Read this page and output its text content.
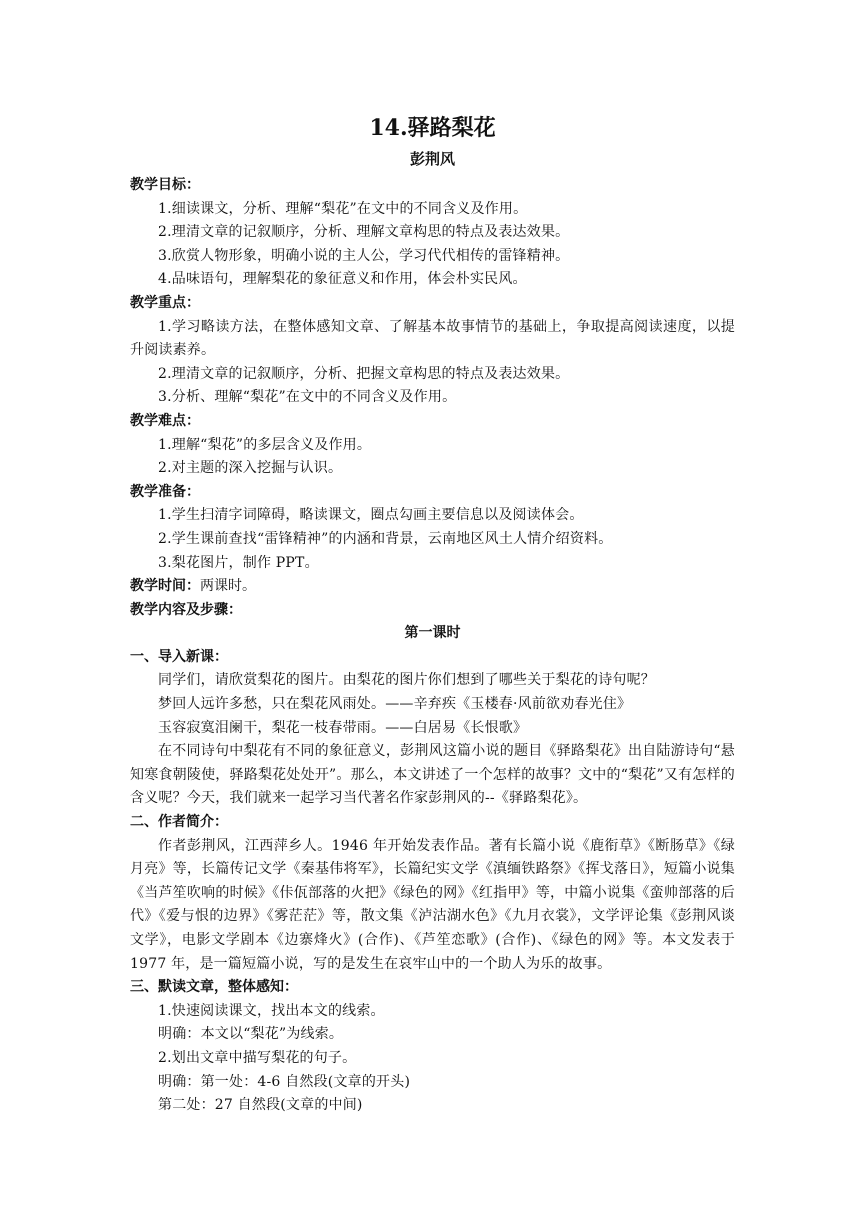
14.驿路梨花
彭荆风
教学目标：

1.细读课文，分析、理解“梨花”在文中的不同含义及作用。

2.理清文章的记叙顺序，分析、理解文章构思的特点及表达效果。

3.欣赏人物形象，明确小说的主人公，学习代代相传的雷锋精神。

4.品味语句，理解梨花的象征意义和作用，体会朴实民风。

教学重点：

1.学习略读方法，在整体感知文章、了解基本故事情节的基础上，争取提高阅读速度，以提升阅读素养。

2.理清文章的记叙顺序，分析、把握文章构思的特点及表达效果。

3.分析、理解“梨花”在文中的不同含义及作用。

教学难点：

1.理解“梨花”的多层含义及作用。

2.对主题的深入挖掘与认识。

教学准备：

1.学生扫清字词障碍，略读课文，圈点勾画主要信息以及阅读体会。

2.学生课前查找“雷锋精神”的内涵和背景，云南地区风土人情介绍资料。

3.梨花图片，制作 PPT。

教学时间：两课时。
教学内容及步骤：
第一课时
一、导入新课：

同学们，请欣赏梨花的图片。由梨花的图片你们想到了哪些关于梨花的诗句呢？

梦回人远许多愁，只在梨花风雨处。——辛弃疾《玉楼春·风前欲劝春光住》

玉容寂寞泪阑干，梨花一枝春带雨。——白居易《长恨歌》

在不同诗句中梨花有不同的象征意义，彭荆风这篇小说的题目《驿路梨花》出自陆游诗句“悬知寒食朝陵使，驿路梨花处处开”。那么，本文讲述了一个怎样的故事？文中的“梨花”又有怎样的含义呢？今天，我们就来一起学习当代著名作家彭荆风的--《驿路梨花》。

二、作者简介：

作者彭荆风，江西萍乡人。1946 年开始发表作品。著有长篇小说《鹿衔草》《断肠草》《绿月亮》等，长篇传记文学《秦基伟将军》，长篇纪实文学《滇缅铁路祭》《挥戈落日》，短篇小说集《当芦笙吹响的时候》《佧佤部落的火把》《绿色的网》《红指甲》等，中篇小说集《蛮帅部落的后代》《爱与恨的边界》《雾茫茫》等，散文集《泸沽湖水色》《九月衣裳》，文学评论集《彭荆风谈文学》，电影文学剧本《边寨烽火》(合作)、《芦笙恋歌》(合作)、《绿色的网》等。本文发表于 1977 年，是一篇短篇小说，写的是发生在哀牢山中的一个助人为乐的故事。

三、默读文章，整体感知：

1.快速阅读课文，找出本文的线索。

明确：本文以“梨花”为线索。

2.划出文章中描写梨花的句子。

明确：第一处：4-6 自然段(文章的开头)

第二处：27 自然段(文章的中间)
